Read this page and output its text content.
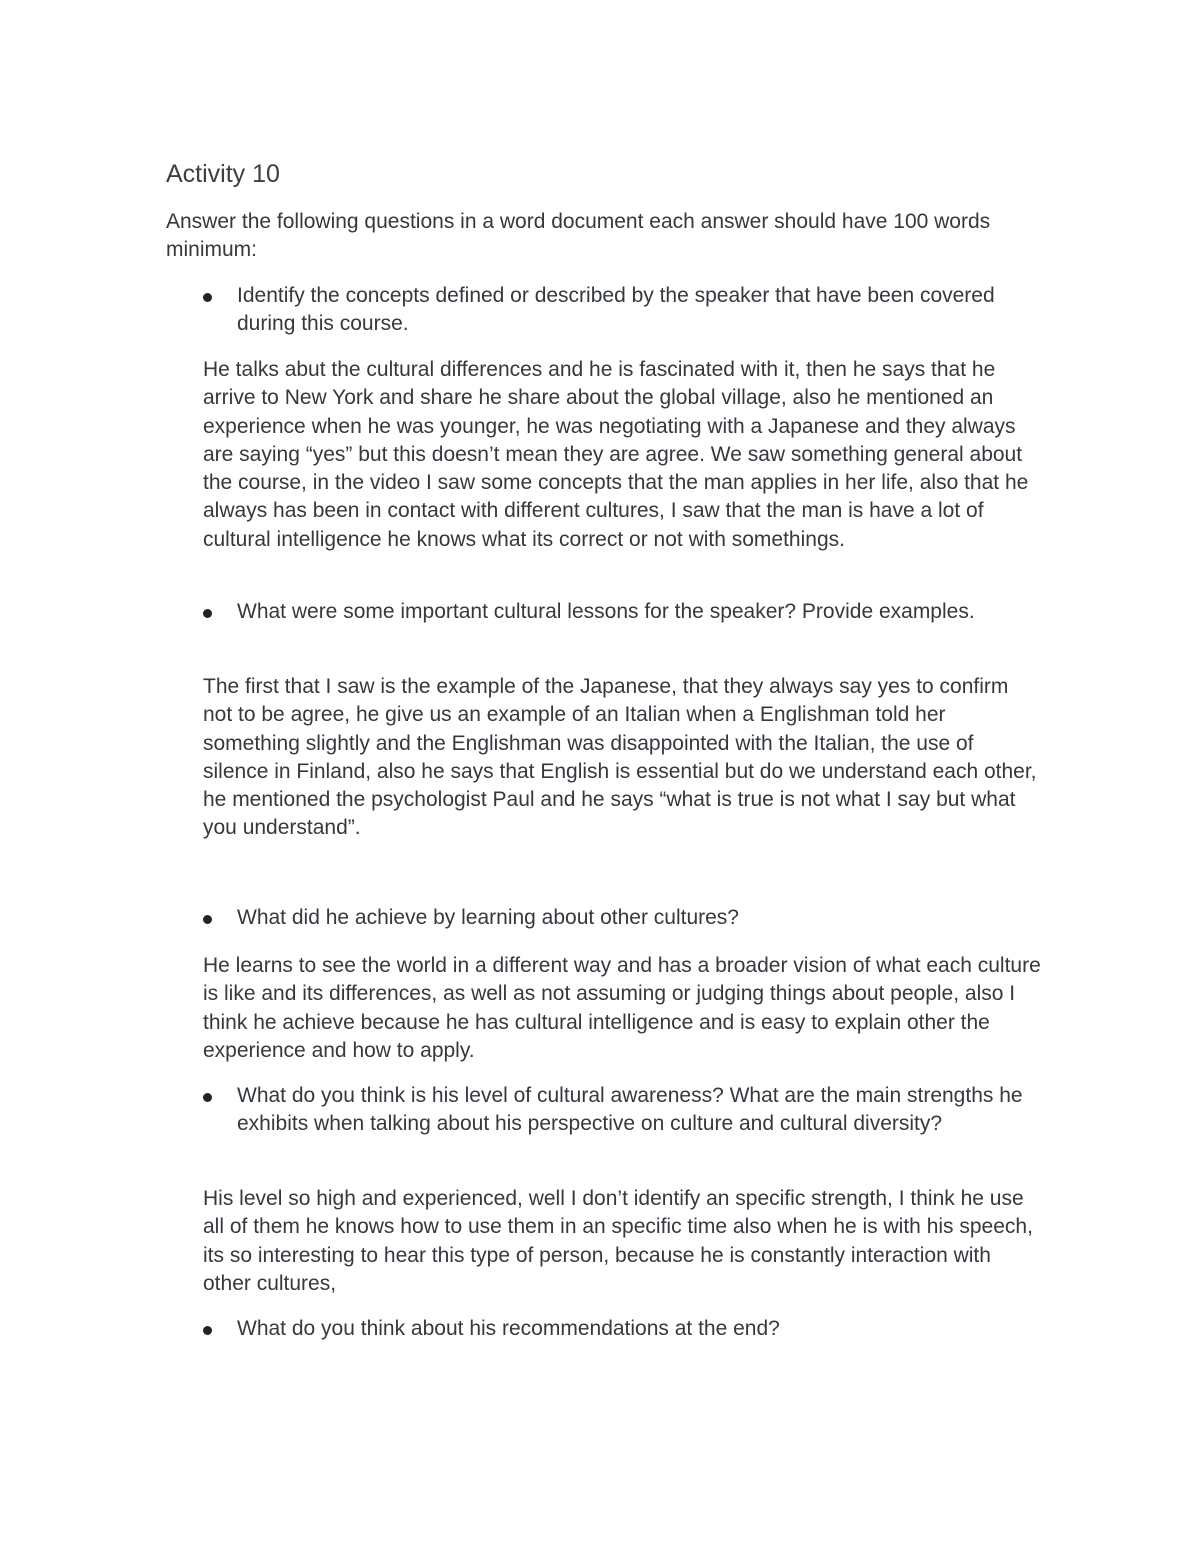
Activity 10

Answer the following questions in a word document each answer should have 100 words minimum:

Identify the concepts defined or described by the speaker that have been covered during this course.

He talks abut the cultural differences and he is fascinated with it, then he says that he arrive to New York and share he share about the global village, also he mentioned an experience when he was younger, he was negotiating with a Japanese and they always are saying “yes” but this doesn’t mean they are agree. We saw something general about the course, in the video I saw some concepts that the man applies in her life, also that he always has been in contact with different cultures, I saw that the man is have a lot of cultural intelligence he knows what its correct or not with somethings.

What were some important cultural lessons for the speaker? Provide examples.

The first that I saw is the example of the Japanese, that they always say yes to confirm not to be agree, he give us an example of an Italian when a Englishman told her something slightly and the Englishman was disappointed with the Italian, the use of silence in Finland, also he says that English is essential but do we understand each other, he mentioned the psychologist Paul and he says “what is true is not what I say but what you understand”.

What did he achieve by learning about other cultures?

He learns to see the world in a different way and has a broader vision of what each culture is like and its differences, as well as not assuming or judging things about people, also I think he achieve because he has cultural intelligence and is easy to explain other the experience and how to apply.

What do you think is his level of cultural awareness? What are the main strengths he exhibits when talking about his perspective on culture and cultural diversity?

His level so high and experienced, well I don’t identify an specific strength, I think he use all of them he knows how to use them in an specific time also when he is with his speech, its so interesting to hear this type of person, because he is constantly interaction with other cultures,

What do you think about his recommendations at the end?
